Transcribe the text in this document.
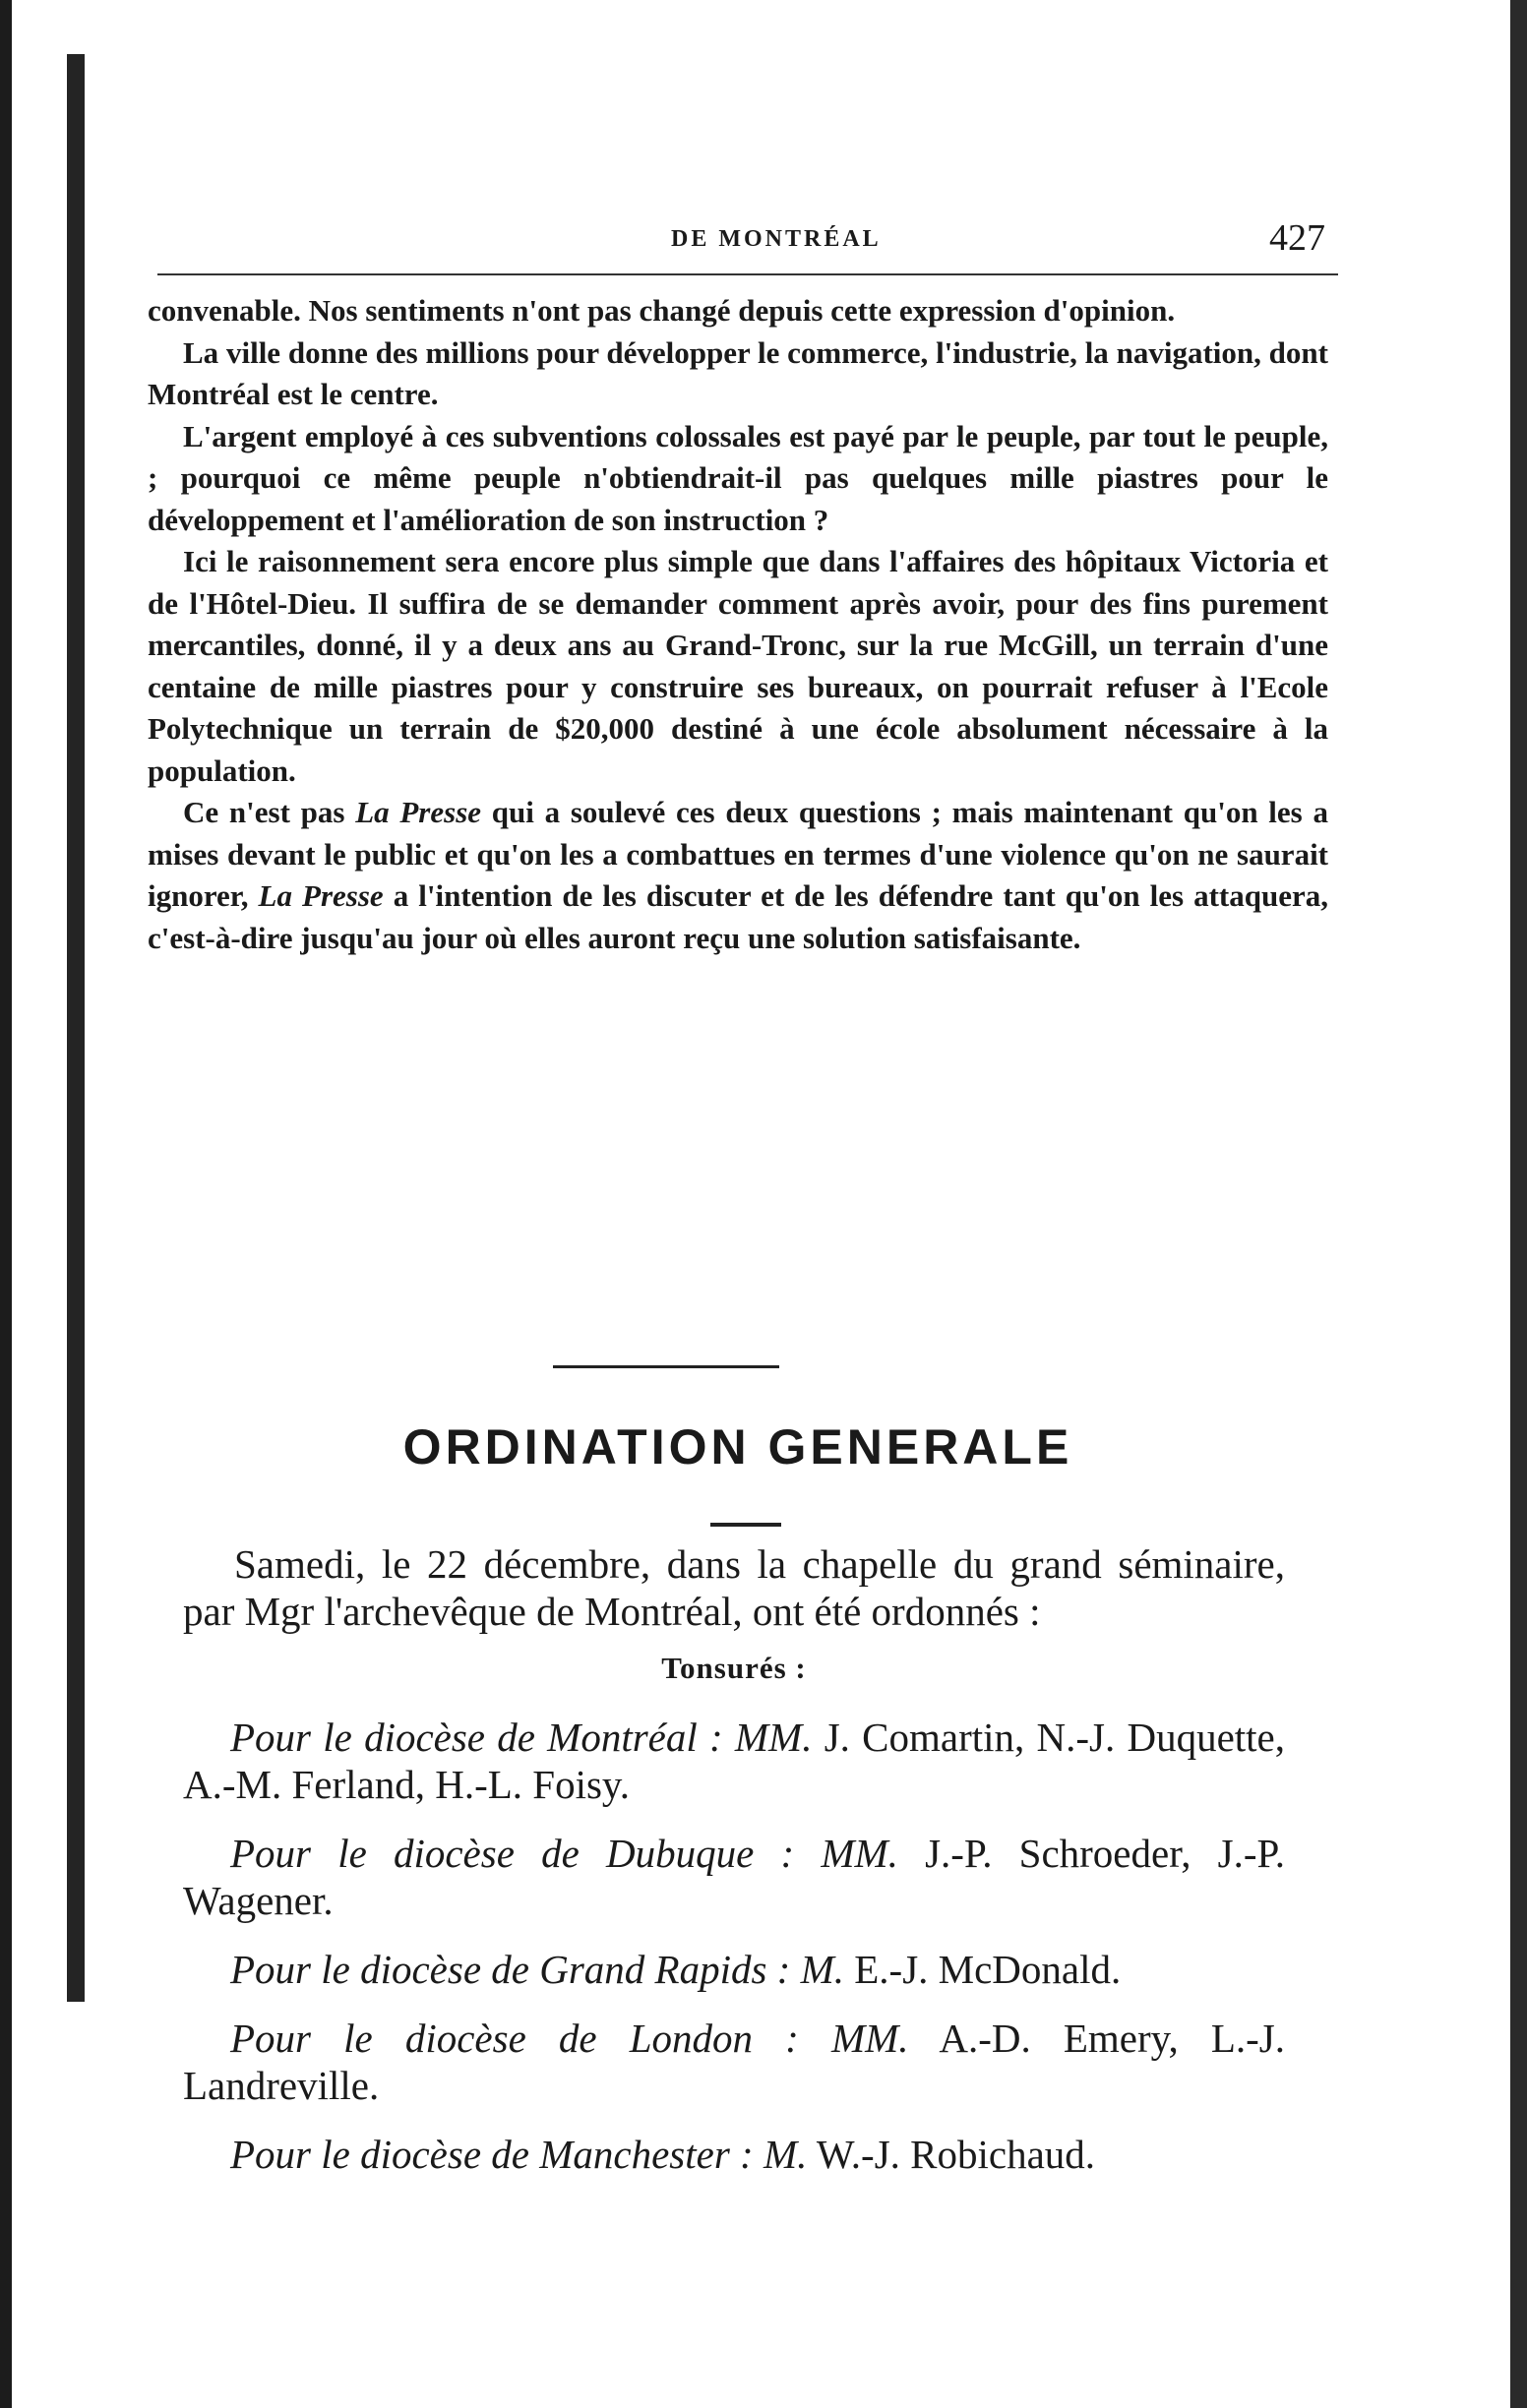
DE MONTRÉAL	427

convenable. Nos sentiments n'ont pas changé depuis cette expression d'opinion.

La ville donne des millions pour développer le commerce, l'industrie, la navigation, dont Montréal est le centre.

L'argent employé à ces subventions colossales est payé par le peuple, par tout le peuple, ; pourquoi ce même peuple n'obtiendrait-il pas quelques mille piastres pour le développement et l'amélioration de son instruction ?

Ici le raisonnement sera encore plus simple que dans l'affaires des hôpitaux Victoria et de l'Hôtel-Dieu. Il suffira de se demander comment après avoir, pour des fins purement mercantiles, donné, il y a deux ans au Grand-Tronc, sur la rue McGill, un terrain d'une centaine de mille piastres pour y construire ses bureaux, on pourrait refuser à l'Ecole Polytechnique un terrain de $20,000 destiné à une école absolument nécessaire à la population.

Ce n'est pas La Presse qui a soulevé ces deux questions ; mais maintenant qu'on les a mises devant le public et qu'on les a combattues en termes d'une violence qu'on ne saurait ignorer, La Presse a l'intention de les discuter et de les défendre tant qu'on les attaquera, c'est-à-dire jusqu'au jour où elles auront reçu une solution satisfaisante.

ORDINATION GENERALE

Samedi, le 22 décembre, dans la chapelle du grand séminaire, par Mgr l'archevêque de Montréal, ont été ordonnés :

Tonsurés :

Pour le diocèse de Montréal : MM. J. Comartin, N.-J. Duquette, A.-M. Ferland, H.-L. Foisy.

Pour le diocèse de Dubuque : MM. J.-P. Schroeder, J.-P. Wagener.

Pour le diocèse de Grand Rapids : M. E.-J. McDonald.

Pour le diocèse de London : MM. A.-D. Emery, L.-J. Landreville.

Pour le diocèse de Manchester : M. W.-J. Robichaud.
